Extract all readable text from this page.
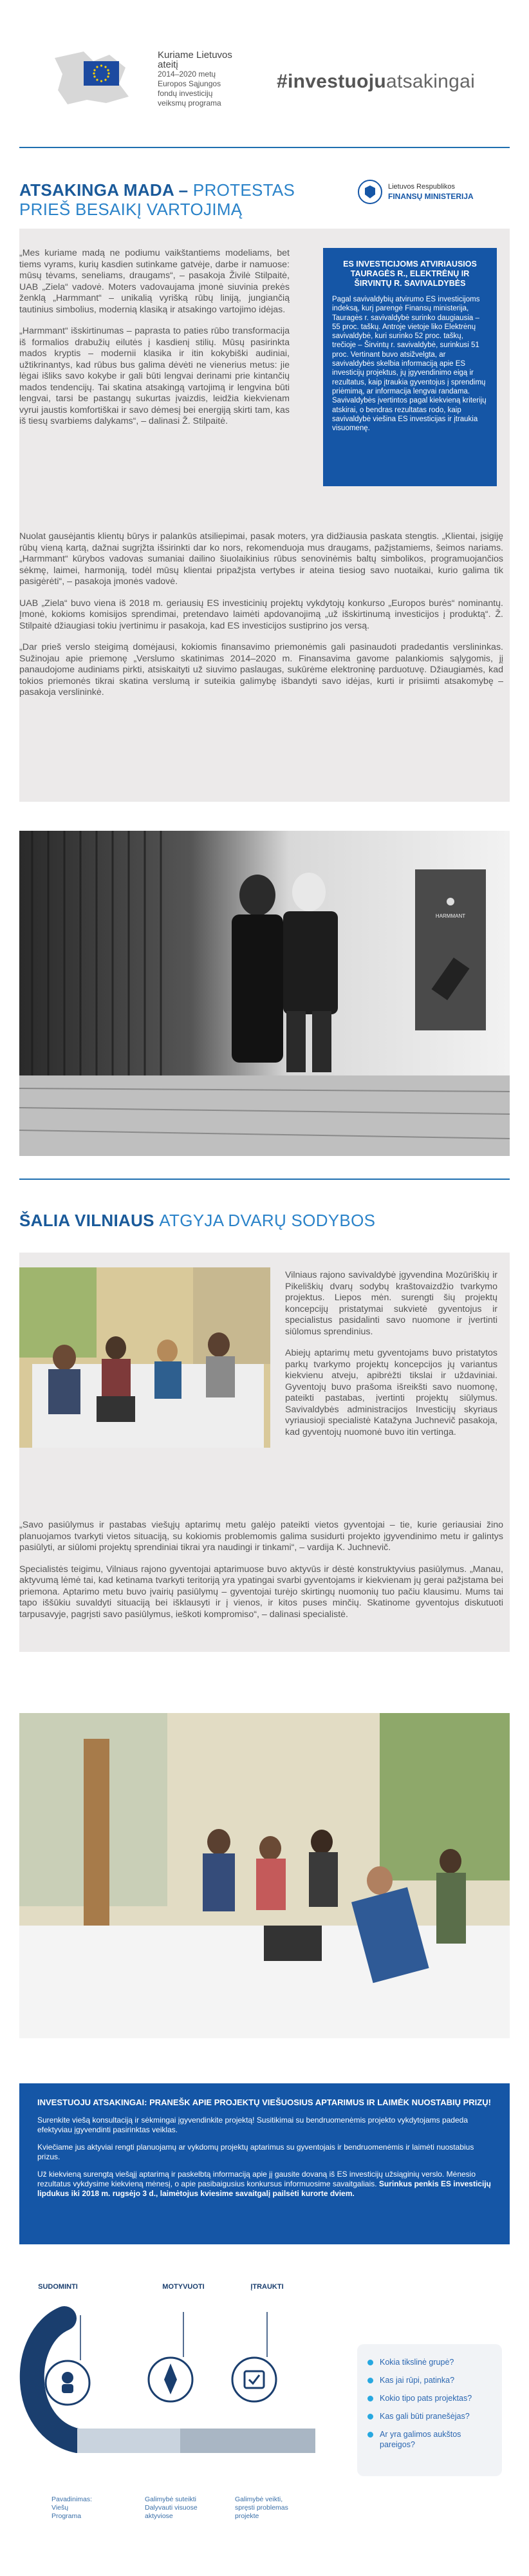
Kuriame Lietuvos ateitį
2014–2020 metų
Europos Sąjungos
fondų investicijų
veiksmų programa
#investuojuatsakingai
ATSAKINGA MADA – PROTESTAS PRIEŠ BESAIKĮ VARTOJIMĄ
Lietuvos Respublikos
FINANSŲ MINISTERIJA

„Mes kuriame madą ne podiumu vaikštantiems modeliams, bet tiems vyrams, kurių kasdien sutinkame gatvėje, darbe ir namuose: mūsų tėvams, seneliams, draugams“, – pasakoja Živilė Stilpaitė, UAB „Ziela“ vadovė. Moters vadovaujama įmonė siuvinia prekės ženklą „Harmmant“ – unikalią vyrišką rūbų liniją, jungiančią tautinius simbolius, modernią klasiką ir atsakingo vartojimo idėjas.

„Harmmant“ išskirtinumas – paprasta to paties rūbo transformacija iš formalios drabužių eilutės į kasdienį stilių. Mūsų pasirinkta mados kryptis – modernii klasika ir itin kokybiški audiniai, užtikrinantys, kad rūbus bus galima dėvėti ne vienerius metus: jie lėgai išliks savo kokybe ir gali būti lengvai derinami prie kintančių mados tendencijų. Tai skatina atsakingą vartojimą ir lengvina būti lengvai, tarsi be pastangų sukurtas įvaizdis, leidžia kiekvienam vyrui jaustis komfortiškai ir savo dėmesį bei energiją skirti tam, kas iš tiesų svarbiems dalykams“, – dalinasi Ž. Stilpaitė.

ES INVESTICIJOMS ATVIRIAUSIOS TAURAGĖS R., ELEKTRĖNŲ IR ŠIRVINTŲ R. SAVIVALDYBĖS
Pagal savivaldybių atvirumo ES investicijoms indeksą, kurį parengė Finansų ministerija, Tauragės r. savivaldybė surinko daugiausia – 55 proc. taškų. Antroje vietoje liko Elektrėnų savivaldybė, kuri surinko 52 proc. taškų, trečioje – Širvintų r. savivaldybė, surinkusi 51 proc. Vertinant buvo atsižvelgta, ar savivaldybės skelbia informaciją apie ES investicijų projektus, jų įgyvendinimo eigą ir rezultatus, kaip įtraukia gyventojus į sprendimų priėmimą, ar informacija lengvai randama. Savivaldybės įvertintos pagal kiekvieną kriterijų atskirai, o bendras rezultatas rodo, kaip savivaldybė viešina ES investicijas ir įtraukia visuomenę.

Nuolat gausėjantis klientų būrys ir palankūs atsiliepimai, pasak moters, yra didžiausia paskata stengtis. „Klientai, įsigiję rūbų vieną kartą, dažnai sugrįžta išsirinkti dar ko nors, rekomenduoja mus draugams, pažįstamiems, šeimos nariams. „Harmmant“ kūrybos vadovas sumaniai dailino šiuolaikinius rūbus senovinėmis baltų simbolikos, programuojančios sėkmę, laimei, harmoniją, todėl mūsų klientai pripažįsta vertybes ir ateina tiesiog savo nuotaikai, kurio galima tik pasigėrėti“, – pasakoja įmonės vadovė.

UAB „Ziela“ buvo viena iš 2018 m. geriausių ES investicinių projektų vykdytojų konkurso „Europos burės“ nominantų. Įmonė, kokioms komisijos sprendimai, pretendavo laimėti apdovanojimą „už išskirtinumą investicijos į produktą“. Ž. Stilpaitė džiaugiasi tokiu įvertinimu ir pasakoja, kad ES investicijos sustiprino jos versą.

„Dar prieš verslo steigimą domėjausi, kokiomis finansavimo priemonėmis gali pasinaudoti pradedantis verslininkas. Sužinojau apie priemonę „Verslumo skatinimas 2014–2020 m. Finansavima gavome palankiomis sąlygomis, jį panaudojome audiniams pirkti, atsiskaityti už siuvimo paslaugas, sukūrėme elektroninę parduotuvę. Džiaugiamės, kad tokios priemonės tikrai skatina verslumą ir suteikia galimybę išbandyti savo idėjas, kurti ir prisiimti atsakomybę – pasakoja verslininkė.

HARMMANT
ŠALIA VILNIAUS ATGYJA DVARŲ SODYBOS

Vilniaus rajono savivaldybė įgyvendina Mozūriškių ir Pikeliškių dvarų sodybų kraštovaizdžio tvarkymo projektus. Liepos mėn. surengti šių projektų koncepcijų pristatymai sukvietė gyventojus ir specialistus pasidalinti savo nuomone ir įvertinti siūlomus sprendinius.

Abiejų aptarimų metu gyventojams buvo pristatytos parkų tvarkymo projektų koncepcijos jų variantus kiekvienu atveju, apibrėžti tikslai ir uždaviniai. Gyventojų buvo prašoma išreikšti savo nuomonę, pateikti pastabas, įvertinti projektų siūlymus. Savivaldybės administracijos Investicijų skyriaus vyriausioji specialistė Katažyna Juchnevič pasakoja, kad gyventojų nuomonė buvo itin vertinga.

„Savo pasiūlymus ir pastabas viešųjų aptarimų metu galėjo pateikti vietos gyventojai – tie, kurie geriausiai žino planuojamos tvarkyti vietos situaciją, su kokiomis problemomis galima susidurti projekto įgyvendinimo metu ir galintys pasiūlyti, ar siūlomi projektų sprendiniai tikrai yra naudingi ir tinkami“, – vardija K. Juchnevič.

Specialistės teigimu, Vilniaus rajono gyventojai aptarimuose buvo aktyvūs ir dėstė konstruktyvius pasiūlymus. „Manau, aktyvumą lėmė tai, kad ketinama tvarkyti teritoriją yra ypatingai svarbi gyventojams ir kiekvienam jų gerai pažįstama bei priemona. Aptarimo metu buvo įvairių pasiūlymų – gyventojai turėjo skirtingų nuomonių tuo pačiu klausimu. Mums tai tapo iššūkiu suvaldyti situaciją bei išklausyti ir į vienos, ir kitos puses minčių. Skatinome gyventojus diskutuoti tarpusavyje, pagrįsti savo pasiūlymus, ieškoti kompromiso“, – dalinasi specialistė.

INVESTUOJU ATSAKINGAI: PRANEŠK APIE PROJEKTŲ VIEŠUOSIUS APTARIMUS IR LAIMĖK NUOSTABIŲ PRIZŲ!

Surenkite viešą konsultaciją ir sėkmingai įgyvendinkite projektą! Susitikimai su bendruomenėmis projekto vykdytojams padeda efektyviau įgyvendinti pasirinktas veiklas.

Kviečiame jus aktyviai rengti planuojamų ar vykdomų projektų aptarimus su gyventojais ir bendruomenėmis ir laimėti nuostabius prizus.

Už kiekvieną surengtą viešąjį aptarimą ir paskelbtą informaciją apie jį gausite dovaną iš ES investicijų užsiąginių verslo. Mėnesio rezultatus vykdysime kiekvieną mėnesį, o apie pasibaigusius konkursus informuosime savaitgaliais. Surinkus penkis ES investicijų lipdukus iki 2018 m. rugsėjo 3 d., laimėtojus kviesime savaitgalį pailsėti kurorte dviem.

SUDOMINTI	MOTYVUOTI	ĮTRAUKTI
Pavadinimas:
Viešų
Programa
Galimybė suteikti
Dalyvauti visuose
aktyviose
Galimybė veikti,
spręsti problemas
projekte
Kokia tikslinė grupė?
Kas jai rūpi, patinka?
Kokio tipo pats projektas?
Kas gali būti pranešėjas?
Ar yra galimos aukštos pareigos?
